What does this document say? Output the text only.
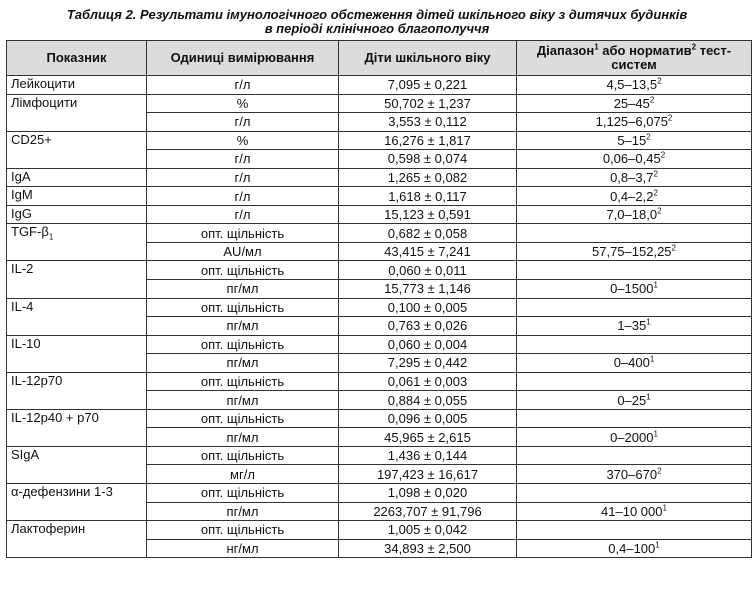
Таблиця 2. Результати імунологічного обстеження дітей шкільного віку з дитячих будинків
в періоді клінічного благополуччя
Показник	Одиниці вимірювання	Діти шкільного віку	Діапазон$^1$ або норматив$^2$ тест-систем
Лейкоцити	г/л	7,095 ± 0,221	4,5–13,5$^2$
Лімфоцити	%	50,702 ± 1,237	$25-45^2$
	г/л	3,553 ± 0,112	1,125–6,075$^2$
CD25+	%	16,276 ± 1,817	$5-15^2$
	г/л	0,598 ± 0,074	0,06–0,45$^2$
IgA	г/л	1,265 ± 0,082	$0,8-3,7^2$
IgM	г/л	1,618 ± 0,117	$0,4-2,2^2$
IgG	г/л	15,123 ± 0,591	7,0–18,0$^2$
TGF-$\beta_1$	опт. щільність	0,682 ± 0,058	
	AU/мл	43,415 ± 7,241	57,75–152,25$^2$
IL-2	опт. щільність	0,060 ± 0,011	
	пг/мл	15,773 ± 1,146	0–1500$^1$
IL-4	опт. щільність	0,100 ± 0,005	
	пг/мл	0,763 ± 0,026	$1-35^1$
IL-10	опт. щільність	0,060 ± 0,004	
	пг/мл	7,295 ± 0,442	$0-400^1$
IL-12p70	опт. щільність	0,061 ± 0,003	
	пг/мл	0,884 ± 0,055	$0-25^1$
IL-12p40 + p70	опт. щільність	0,096 ± 0,005	
	пг/мл	45,965 ± 2,615	0–2000$^1$
SIgA	опт. щільність	1,436 ± 0,144	
	мг/л	197,423 ± 16,617	$370-670^2$
α-дефензини 1-3	опт. щільність	1,098 ± 0,020	
	пг/мл	2263,707 ± 91,796	41–10 $000^1$
Лактоферин	опт. щільність	1,005 ± 0,042	
	нг/мл	34,893 ± 2,500	$0,4-100^1$
